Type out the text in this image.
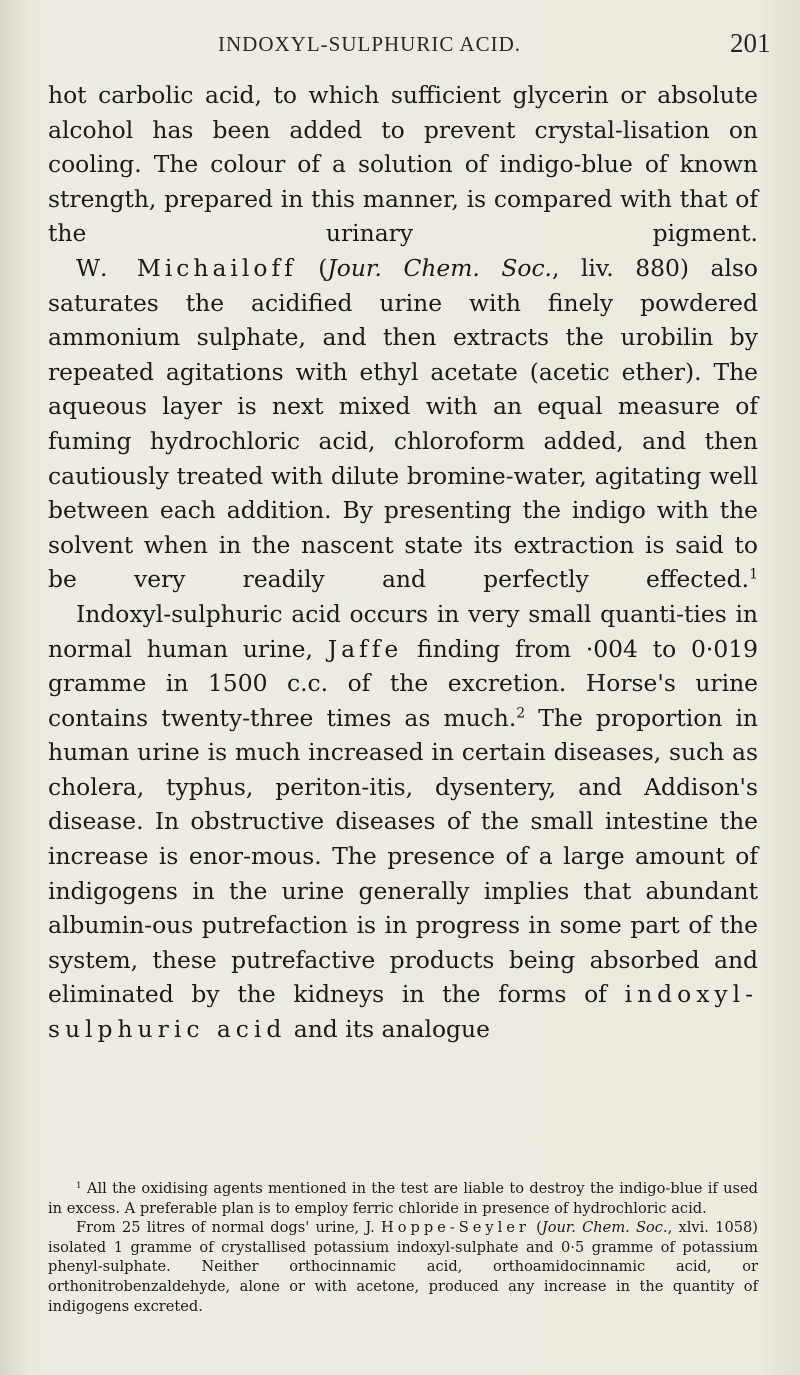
INDOXYL-SULPHURIC ACID.	201

hot carbolic acid, to which sufficient glycerin or absolute alcohol has been added to prevent crystal-lisation on cooling. The colour of a solution of indigo-blue of known strength, prepared in this manner, is compared with that of the urinary pigment.

W. Michailoff (Jour. Chem. Soc., liv. 880) also saturates the acidified urine with finely powdered ammonium sulphate, and then extracts the urobilin by repeated agitations with ethyl acetate (acetic ether). The aqueous layer is next mixed with an equal measure of fuming hydrochloric acid, chloroform added, and then cautiously treated with dilute bromine-water, agitating well between each addition. By presenting the indigo with the solvent when in the nascent state its extraction is said to be very readily and perfectly effected.$^1$

Indoxyl-sulphuric acid occurs in very small quanti-ties in normal human urine, Jaffe finding from ·004 to 0·019 gramme in 1500 c.c. of the excretion. Horse's urine contains twenty-three times as much.$^2$ The proportion in human urine is much increased in certain diseases, such as cholera, typhus, periton-itis, dysentery, and Addison's disease. In obstructive diseases of the small intestine the increase is enor-mous. The presence of a large amount of indigogens in the urine generally implies that abundant albumin-ous putrefaction is in progress in some part of the system, these putrefactive products being absorbed and eliminated by the kidneys in the forms of indoxyl-sulphuric acid and its analogue

$^1$ All the oxidising agents mentioned in the test are liable to destroy the indigo-blue if used in excess. A preferable plan is to employ ferric chloride in presence of hydrochloric acid.

From 25 litres of normal dogs' urine, J. Hoppe-Seyler (Jour. Chem. Soc., xlvi. 1058) isolated 1 gramme of crystallised potassium indoxyl-sulphate and 0·5 gramme of potassium phenyl-sulphate. Neither orthocinnamic acid, orthoamidocinnamic acid, or orthonitrobenzaldehyde, alone or with acetone, produced any increase in the quantity of indigogens excreted.
